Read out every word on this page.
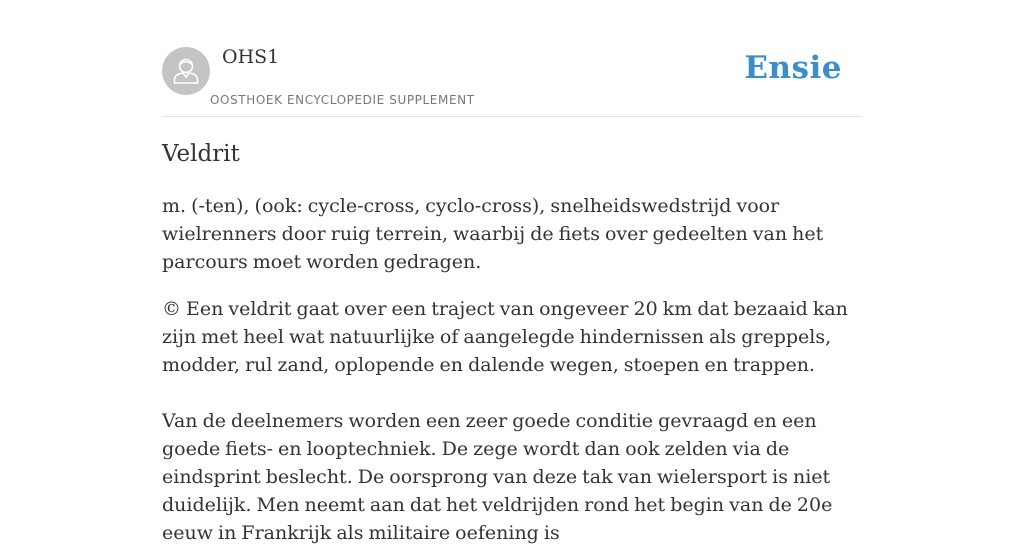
OHS1
OOSTHOEK ENCYCLOPEDIE SUPPLEMENT
Ensie
Veldrit

m. (-ten), (ook: cycle-cross, cyclo-cross), snelheidswedstrijd voor wielrenners door ruig terrein, waarbij de fiets over gedeelten van het parcours moet worden gedragen.

© Een veldrit gaat over een traject van ongeveer 20 km dat bezaaid kan zijn met heel wat natuurlijke of aangelegde hindernissen als greppels, modder, rul zand, oplopende en dalende wegen, stoepen en trappen.

Van de deelnemers worden een zeer goede conditie gevraagd en een goede fiets- en looptechniek. De zege wordt dan ook zelden via de eindsprint beslecht. De oorsprong van deze tak van wielersport is niet duidelijk. Men neemt aan dat het veldrijden rond het begin van de 20e eeuw in Frankrijk als militaire oefening is
